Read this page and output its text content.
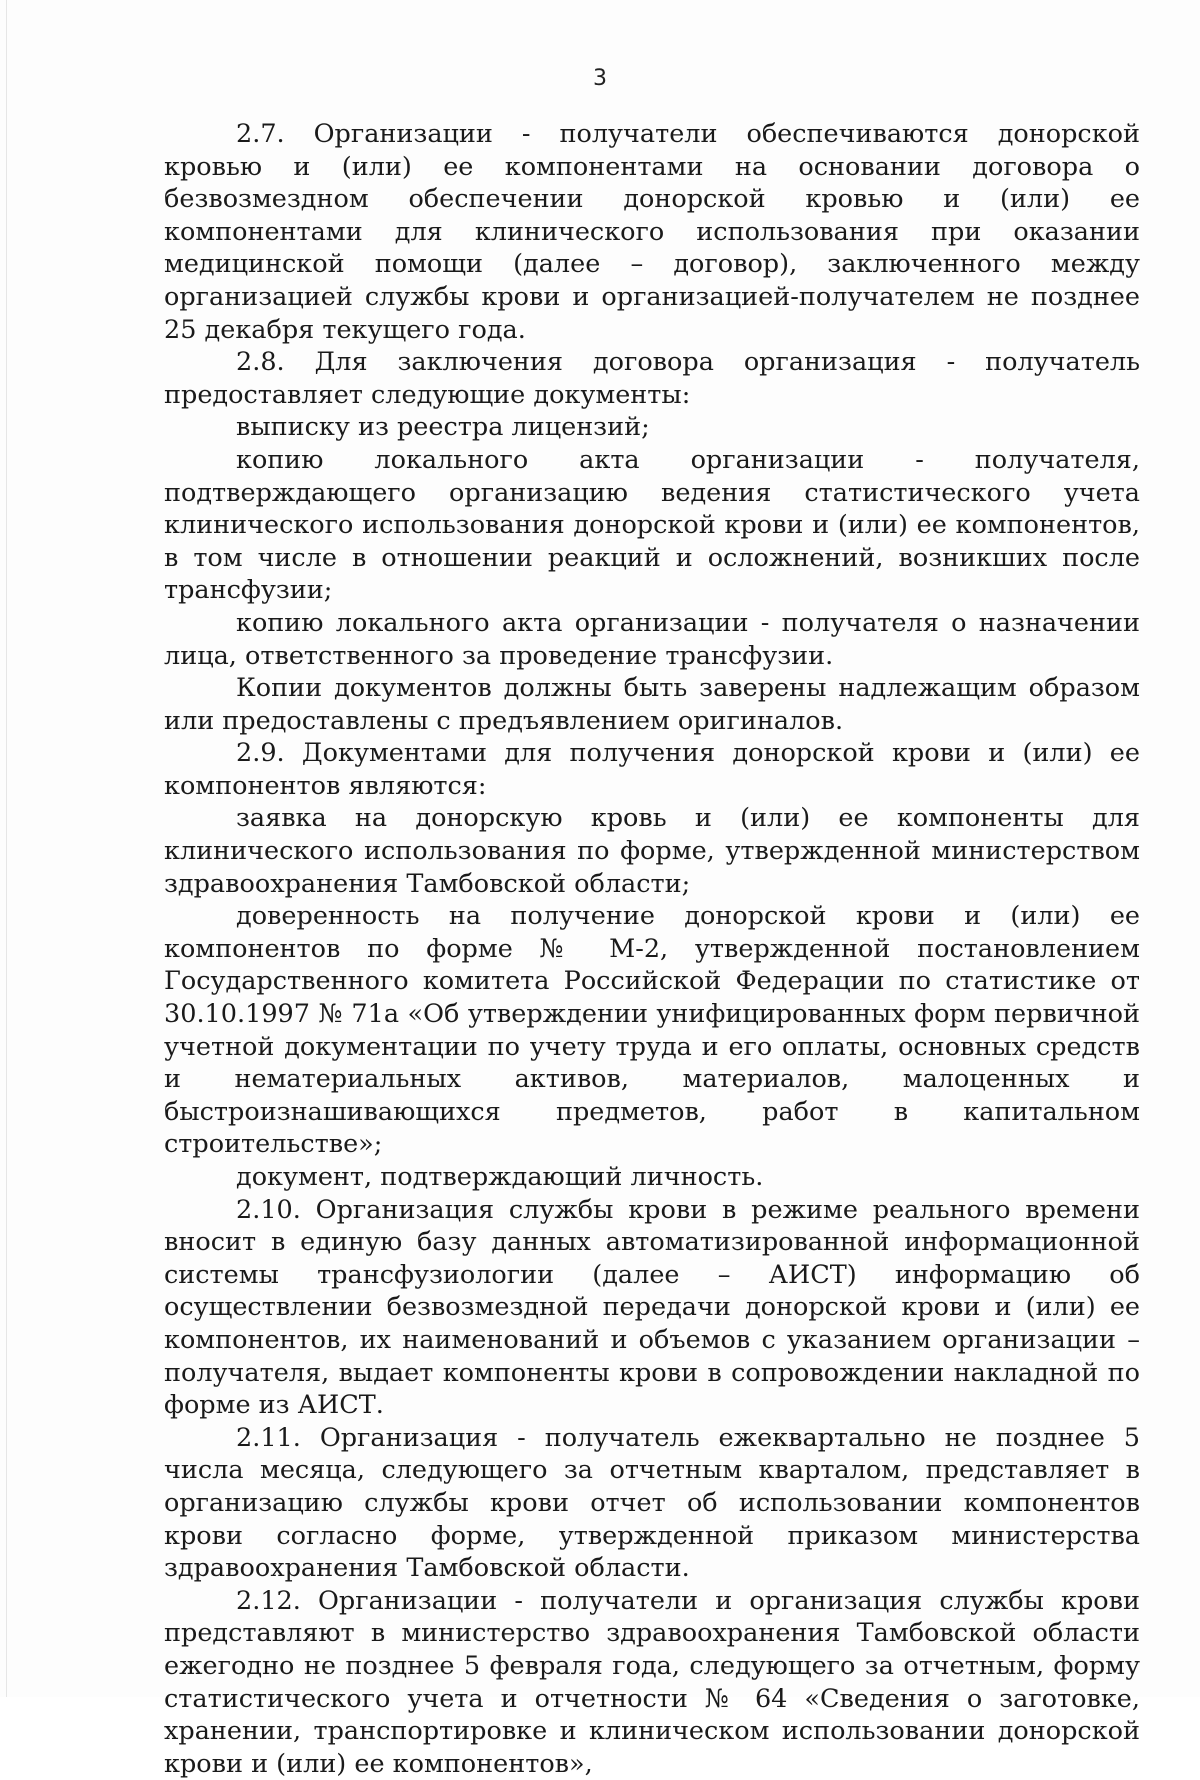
3

2.7. Организации - получатели обеспечиваются донорской кровью и (или) ее компонентами на основании договора о безвозмездном обеспечении донорской кровью и (или) ее компонентами для клинического использования при оказании медицинской помощи (далее – договор), заключенного между организацией службы крови и организацией-получателем не позднее 25 декабря текущего года.

2.8. Для заключения договора организация - получатель предоставляет следующие документы:

выписку из реестра лицензий;

копию локального акта организации - получателя, подтверждающего организацию ведения статистического учета клинического использования донорской крови и (или) ее компонентов, в том числе в отношении реакций и осложнений, возникших после трансфузии;

копию локального акта организации - получателя о назначении лица, ответственного за проведение трансфузии.

Копии документов должны быть заверены надлежащим образом или предоставлены с предъявлением оригиналов.

2.9. Документами для получения донорской крови и (или) ее компонентов являются:

заявка на донорскую кровь и (или) ее компоненты для клинического использования по форме, утвержденной министерством здравоохранения Тамбовской области;

доверенность на получение донорской крови и (или) ее компонентов по форме № М-2, утвержденной постановлением Государственного комитета Российской Федерации по статистике от 30.10.1997 № 71а «Об утверждении унифицированных форм первичной учетной документации по учету труда и его оплаты, основных средств и нематериальных активов, материалов, малоценных и быстроизнашивающихся предметов, работ в капитальном строительстве»;

документ, подтверждающий личность.

2.10. Организация службы крови в режиме реального времени вносит в единую базу данных автоматизированной информационной системы трансфузиологии (далее – АИСТ) информацию об осуществлении безвозмездной передачи донорской крови и (или) ее компонентов, их наименований и объемов с указанием организации – получателя, выдает компоненты крови в сопровождении накладной по форме из АИСТ.

2.11. Организация - получатель ежеквартально не позднее 5 числа месяца, следующего за отчетным кварталом, представляет в организацию службы крови отчет об использовании компонентов крови согласно форме, утвержденной приказом министерства здравоохранения Тамбовской области.

2.12. Организации - получатели и организация службы крови представляют в министерство здравоохранения Тамбовской области ежегодно не позднее 5 февраля года, следующего за отчетным, форму статистического учета и отчетности № 64 «Сведения о заготовке, хранении, транспортировке и клиническом использовании донорской крови и (или) ее компонентов»,
